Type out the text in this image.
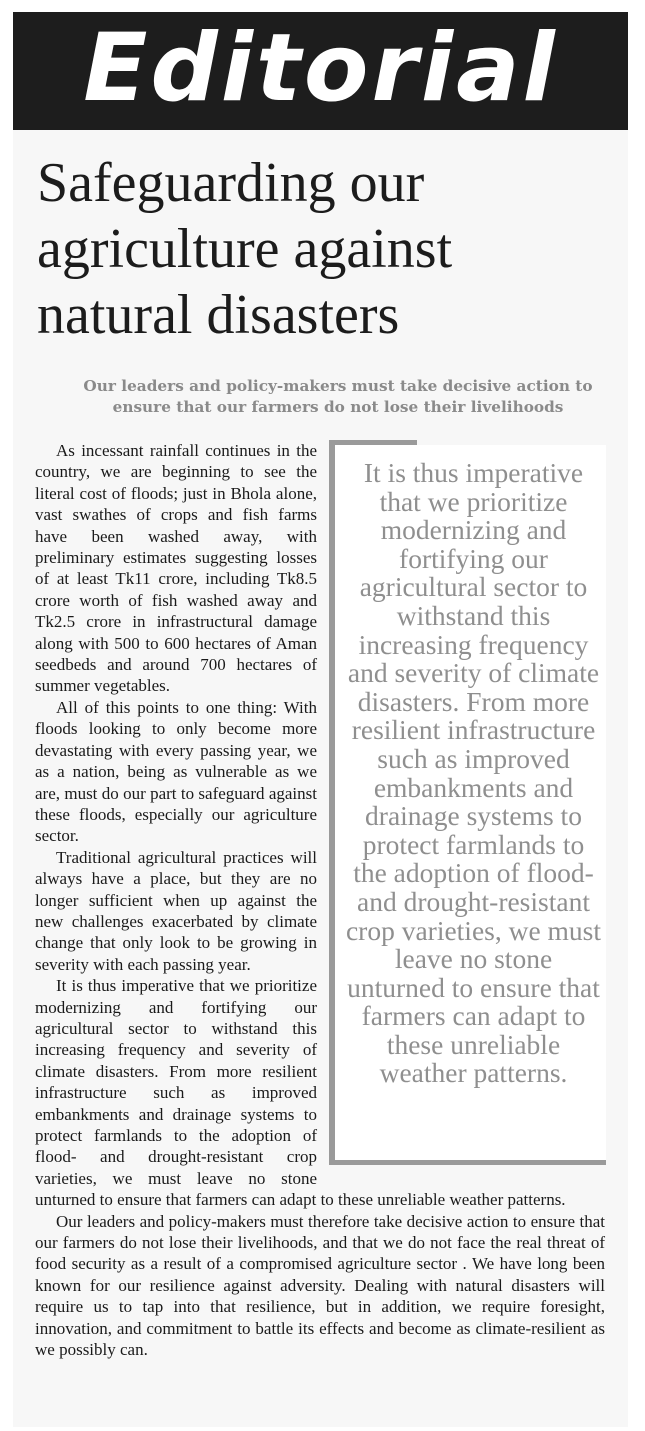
Editorial
Safeguarding our agriculture against natural disasters
Our leaders and policy-makers must take decisive action to ensure that our farmers do not lose their livelihoods
It is thus imperative that we prioritize modernizing and fortifying our agricultural sector to withstand this increasing frequency and severity of climate disasters. From more resilient infrastructure such as improved embankments and drainage systems to protect farmlands to the adoption of flood- and drought-resistant crop varieties, we must leave no stone unturned to ensure that farmers can adapt to these unreliable weather patterns.

As incessant rainfall continues in the country, we are beginning to see the literal cost of floods; just in Bhola alone, vast swathes of crops and fish farms have been washed away, with preliminary estimates suggesting losses of at least Tk11 crore, including Tk8.5 crore worth of fish washed away and Tk2.5 crore in infrastructural damage along with 500 to 600 hectares of Aman seedbeds and around 700 hectares of summer vegetables.

All of this points to one thing: With floods looking to only become more devastating with every passing year, we as a nation, being as vulnerable as we are, must do our part to safeguard against these floods, especially our agriculture sector.

Traditional agricultural practices will always have a place, but they are no longer sufficient when up against the new challenges exacerbated by climate change that only look to be growing in severity with each passing year.

It is thus imperative that we prioritize modernizing and fortifying our agricultural sector to withstand this increasing frequency and severity of climate disasters. From more resilient infrastructure such as improved embankments and drainage systems to protect farmlands to the adoption of flood- and drought-resistant crop varieties, we must leave no stone unturned to ensure that farmers can adapt to these unreliable weather patterns.

Our leaders and policy-makers must therefore take decisive action to ensure that our farmers do not lose their livelihoods, and that we do not face the real threat of food security as a result of a compromised agriculture sector . We have long been known for our resilience against adversity. Dealing with natural disasters will require us to tap into that resilience, but in addition, we require foresight, innovation, and commitment to battle its effects and become as climate-resilient as we possibly can.
